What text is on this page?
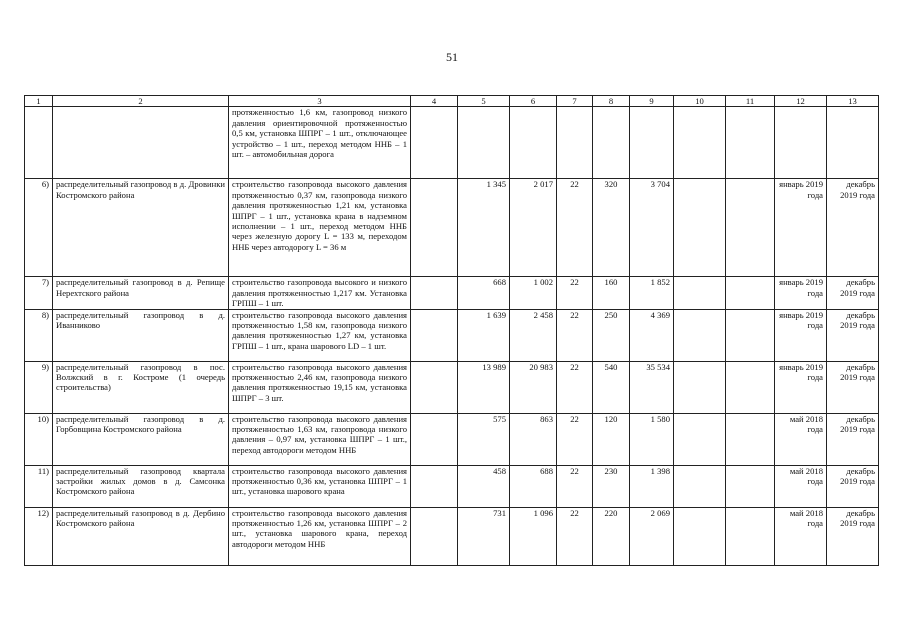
51
1	2	3	4	5	6	7	8	9	10	11	12	13
		протяженностью 1,6 км, газопровод низкого давления ориентировочной протяженностью 0,5 км, установка ШПРГ – 1 шт., отключающее устройство – 1 шт., переход методом ННБ – 1 шт. – автомобильная дорога										
6)	распределительный газопровод в д. Дровинки Костромского района	строительство газопровода высокого давления протяженностью 0,37 км, газопровода низкого давления протяженностью 1,21 км, установка ШПРГ – 1 шт., установка крана в надземном исполнении – 1 шт., переход методом ННБ через железную дорогу L = 133 м, переходом ННБ через автодорогу L = 36 м		1 345	2 017	22	320	3 704			январь 2019 года	декабрь 2019 года
7)	распределительный газопровод в д. Репище Нерехтского района	строительство газопровода высокого и низкого давления протяженностью 1,217 км. Установка ГРПШ – 1 шт.		668	1 002	22	160	1 852			январь 2019 года	декабрь 2019 года
8)	распределительный газопровод в д. Иванниково	строительство газопровода высокого давления протяженностью 1,58 км, газопровода низкого давления протяженностью 1,27 км, установка ГРПШ – 1 шт., крана шарового LD – 1 шт.		1 639	2 458	22	250	4 369			январь 2019 года	декабрь 2019 года
9)	распределительный газопровод в пос. Волжский в г. Костроме (1 очередь строительства)	строительство газопровода высокого давления протяженностью 2,46 км, газопровода низкого давления протяженностью 19,15 км, установка ШПРГ – 3 шт.		13 989	20 983	22	540	35 534			январь 2019 года	декабрь 2019 года
10)	распределительный газопровод в д. Горбовщина Костромского района	строительство газопровода высокого давления протяженностью 1,63 км, газопровода низкого давления – 0,97 км, установка ШПРГ – 1 шт., переход автодороги методом ННБ		575	863	22	120	1 580			май 2018 года	декабрь 2019 года
11)	распределительный газопровод квартала застройки жилых домов в д. Самсонка Костромского района	строительство газопровода высокого давления протяженностью 0,36 км, установка ШПРГ – 1 шт., установка шарового крана		458	688	22	230	1 398			май 2018 года	декабрь 2019 года
12)	распределительный газопровод в д. Дербино Костромского района	строительство газопровода высокого давления протяженностью 1,26 км, установка ШПРГ – 2 шт., установка шарового крана, переход автодороги методом ННБ		731	1 096	22	220	2 069			май 2018 года	декабрь 2019 года
